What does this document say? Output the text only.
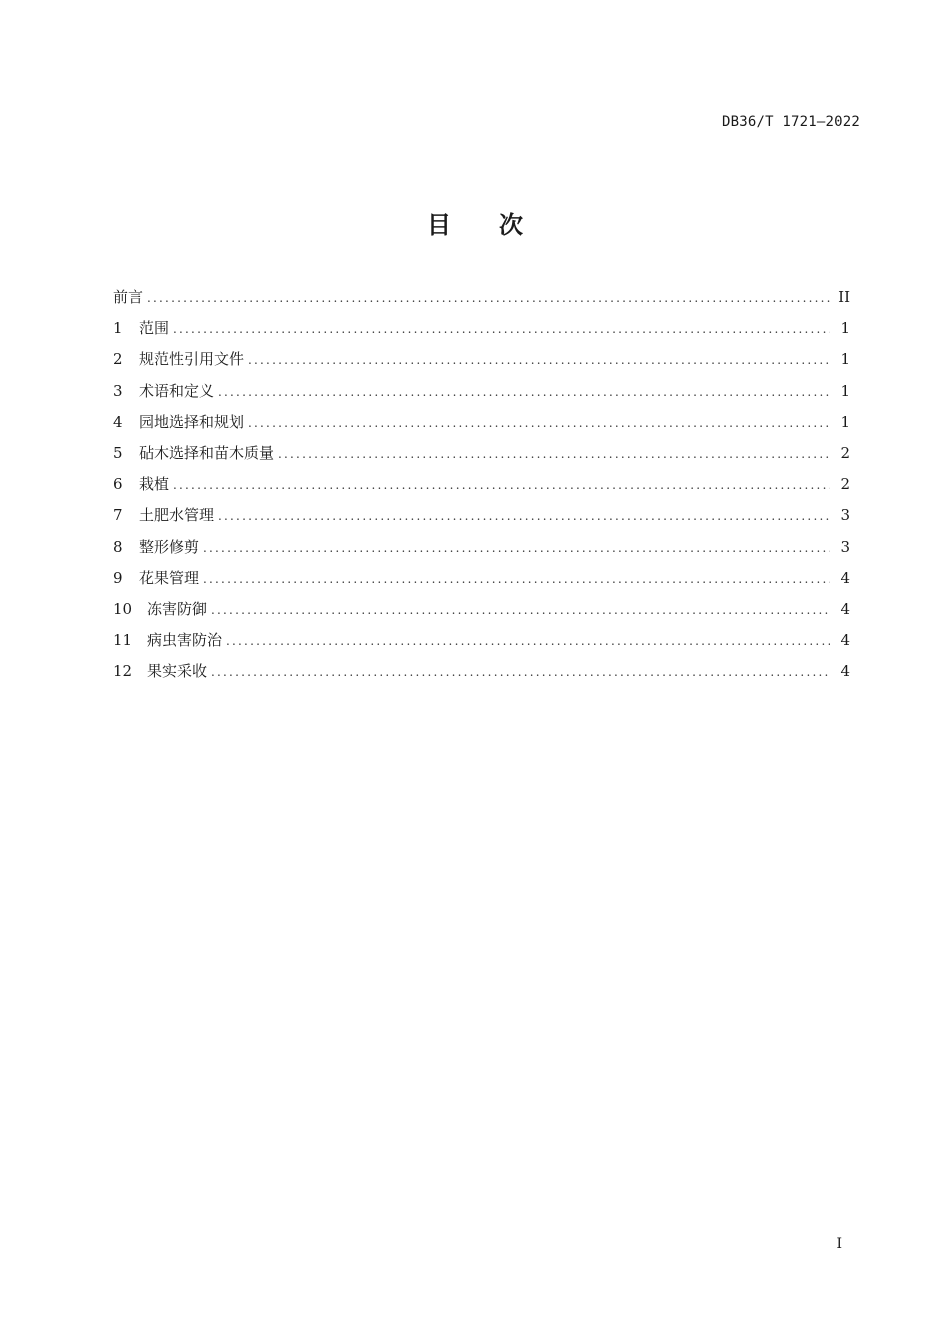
DB36/T 1721—2022
目 次
前言 .....	II
1	范围 .....	1
2	规范性引用文件 .....	1
3	术语和定义 .....	1
4	园地选择和规划 .....	1
5	砧木选择和苗木质量 .....	2
6	栽植 .....	2
7	土肥水管理 .....	3
8	整形修剪 .....	3
9	花果管理 .....	4
10 冻害防御 .....	4
11 病虫害防治 .....	4
12 果实采收 .....	4
I
